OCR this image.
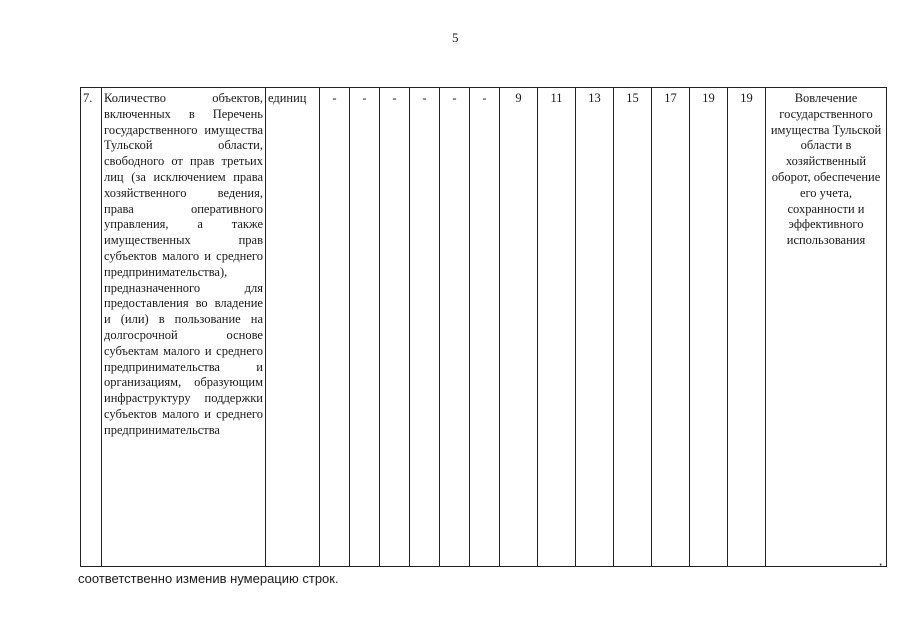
5
7.	Количество объектов, включенных в Перечень государственного имущества Тульской области, свободного от прав третьих лиц (за исключением права хозяйственного ведения, права оперативного управления, а также имущественных прав субъектов малого и среднего предпринимательства), предназначенного для предоставления во владение и (или) в пользование на долгосрочной основе субъектам малого и среднего предпринимательства и организациям, образующим инфраструктуру поддержки субъектов малого и среднего предпринимательства	единиц	-	-	-	-	-	-	9	11	13	15	17	19	19	Вовлечение государственного имущества Тульской области в хозяйственный оборот, обеспечение его учета, сохранности и эффективного использования
,
соответственно изменив нумерацию строк.
